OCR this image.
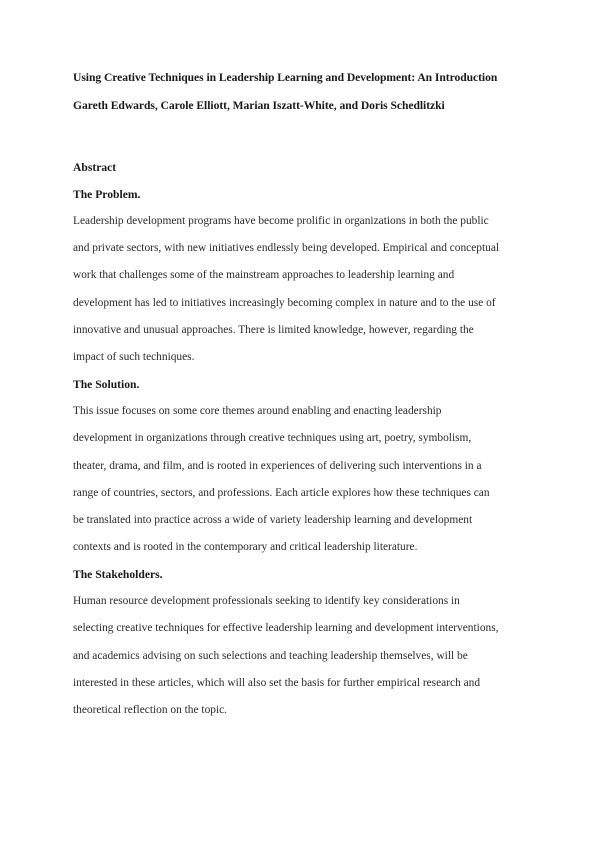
Using Creative Techniques in Leadership Learning and Development: An Introduction
Gareth Edwards, Carole Elliott, Marian Iszatt-White, and Doris Schedlitzki
Abstract
The Problem.
Leadership development programs have become prolific in organizations in both the public
and private sectors, with new initiatives endlessly being developed. Empirical and conceptual
work that challenges some of the mainstream approaches to leadership learning and
development has led to initiatives increasingly becoming complex in nature and to the use of
innovative and unusual approaches. There is limited knowledge, however, regarding the
impact of such techniques.
The Solution.
This issue focuses on some core themes around enabling and enacting leadership
development in organizations through creative techniques using art, poetry, symbolism,
theater, drama, and film, and is rooted in experiences of delivering such interventions in a
range of countries, sectors, and professions. Each article explores how these techniques can
be translated into practice across a wide of variety leadership learning and development
contexts and is rooted in the contemporary and critical leadership literature.
The Stakeholders.
Human resource development professionals seeking to identify key considerations in
selecting creative techniques for effective leadership learning and development interventions,
and academics advising on such selections and teaching leadership themselves, will be
interested in these articles, which will also set the basis for further empirical research and
theoretical reflection on the topic.
